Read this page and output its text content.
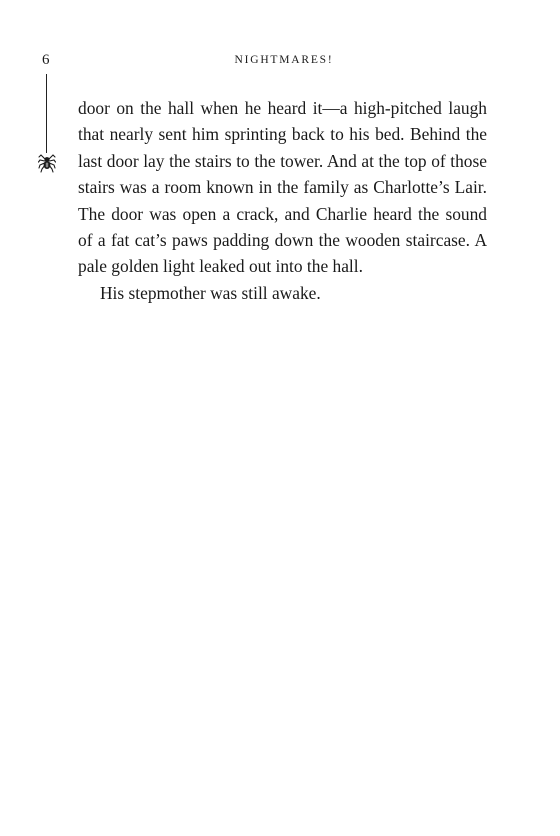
6	NIGHTMARES!

door on the hall when he heard it—a high-pitched laugh that nearly sent him sprinting back to his bed. Behind the last door lay the stairs to the tower. And at the top of those stairs was a room known in the family as Charlotte’s Lair. The door was open a crack, and Charlie heard the sound of a fat cat’s paws padding down the wooden staircase. A pale golden light leaked out into the hall.

His stepmother was still awake.
